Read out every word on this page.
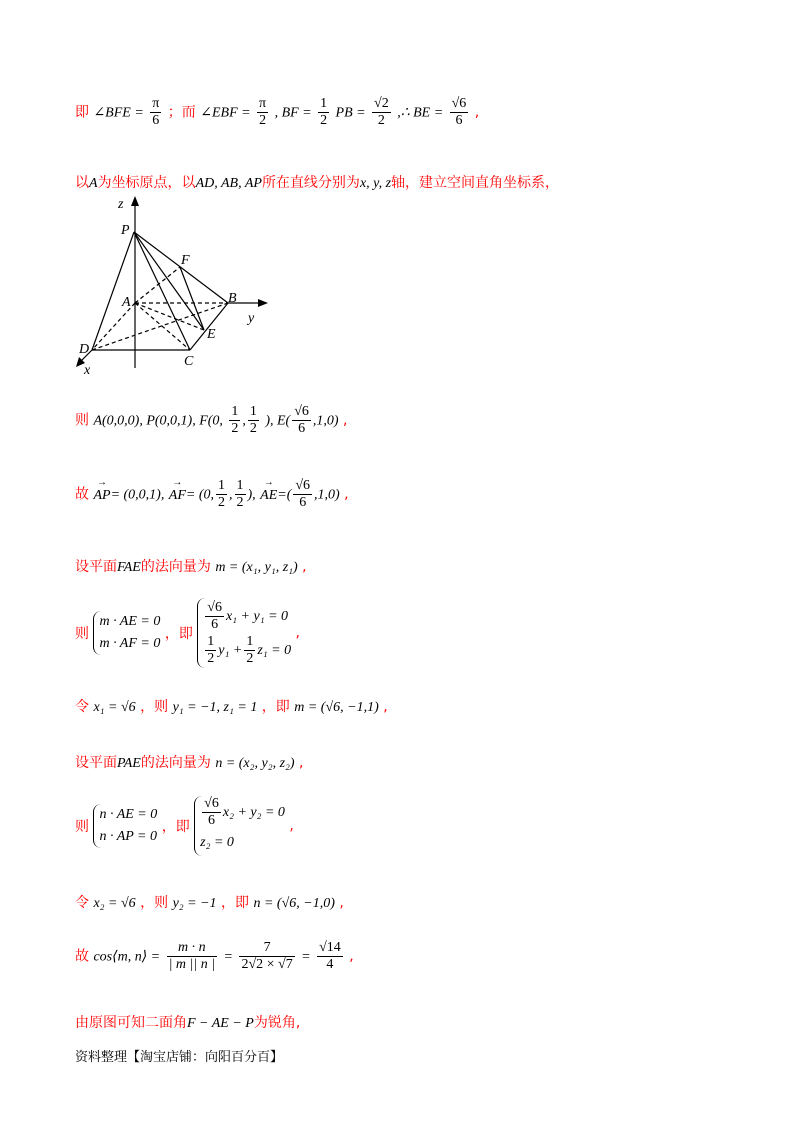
即 ∠BFE = $\frac{\pi}{6}$ ；而 ∠EBF = $\frac{\pi}{2}$ , BF = $\frac{1}{2}$ PB = $\frac{√2}{2}$ ,∴ BE = $\frac{√6}{6}$ ,
以A为坐标原点，以AD, AB, AP所在直线分别为x, y, z轴，建立空间直角坐标系，
z
P
F
A	B
y
E
D
C
x
则 A(0,0,0), P(0,0,1), F(0, $\frac{1}{2}$ , $\frac{1}{2}$ ), $E( \frac{√6}{6} ,1,0)$ ,
故 → AP= (0,0,1), → AF= (0, $\frac{1}{2}$ , $\frac{1}{2}$ ), → $AE=( \frac{√6}{6} ,1,0)$ ,
设平面FAE的法向量为 m = (x₁, y₁, z₁) ,
则
m · AE = 0
m · AF = 0
，即
$\frac{√6}{6} x_1 + y_1 = 0$
$\frac{1}{2} y_1 + \frac{1}{2} z_1 = 0$
,
令 x₁ = √6 ，则 y₁ = −1, z₁ = 1 ，即 m = (√6, −1,1) ,
设平面PAE的法向量为 n = (x₂, y₂, z₂) ,
则
n · AE = 0
n · AP = 0
，即 $\frac{√6}{6} x_2 + y_2 = 0$
z₂ = 0
,
令 x₂ = √6 ，则 y₂ = −1 ，即 n = (√6, −1,0) ,
故 cos⟨m, n⟩ = $\frac{m \cdot n}{| m || n |} = \frac{7}{2√2 \times √7} = \frac{√14}{4}$ ,
由原图可知二面角F − AE − P为锐角,
资料整理【淘宝店铺：向阳百分百】
